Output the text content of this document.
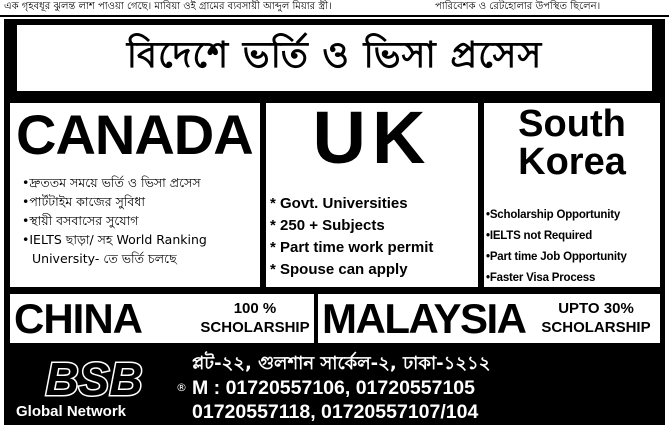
এক গৃহবধূর ঝুলন্ত লাশ পাওয়া গেছে। মাবিয়া ওই গ্রামের ব্যবসায়ী আব্দুল মিয়ার স্ত্রী।	পারিবেশক ও রেটহোলার উপস্থিত ছিলেন।
বিদেশে ভর্তি ও ভিসা প্রসেস
CANADA
• দ্রুততম সময়ে ভর্তি ও ভিসা প্রসেস
• পার্টটাইম কাজের সুবিধা
• স্থায়ী বসবাসের সুযোগ
• IELTS ছাড়া/ সহ World Ranking
University- তে ভর্তি চলছে
UK
* Govt. Universities
* 250 + Subjects
* Part time work permit
* Spouse can apply
South
Korea
• Scholarship Opportunity
• IELTS not Required
• Part time Job Opportunity
• Faster Visa Process
CHINA	100 %
SCHOLARSHIP MALAYSIA	UPTO 30%
SCHOLARSHIP
BSB	®
Global Network
প্লট-২২, গুলশান সার্কেল-২, ঢাকা-১২১২
M : 01720557106, 01720557105
01720557118, 01720557107/104
